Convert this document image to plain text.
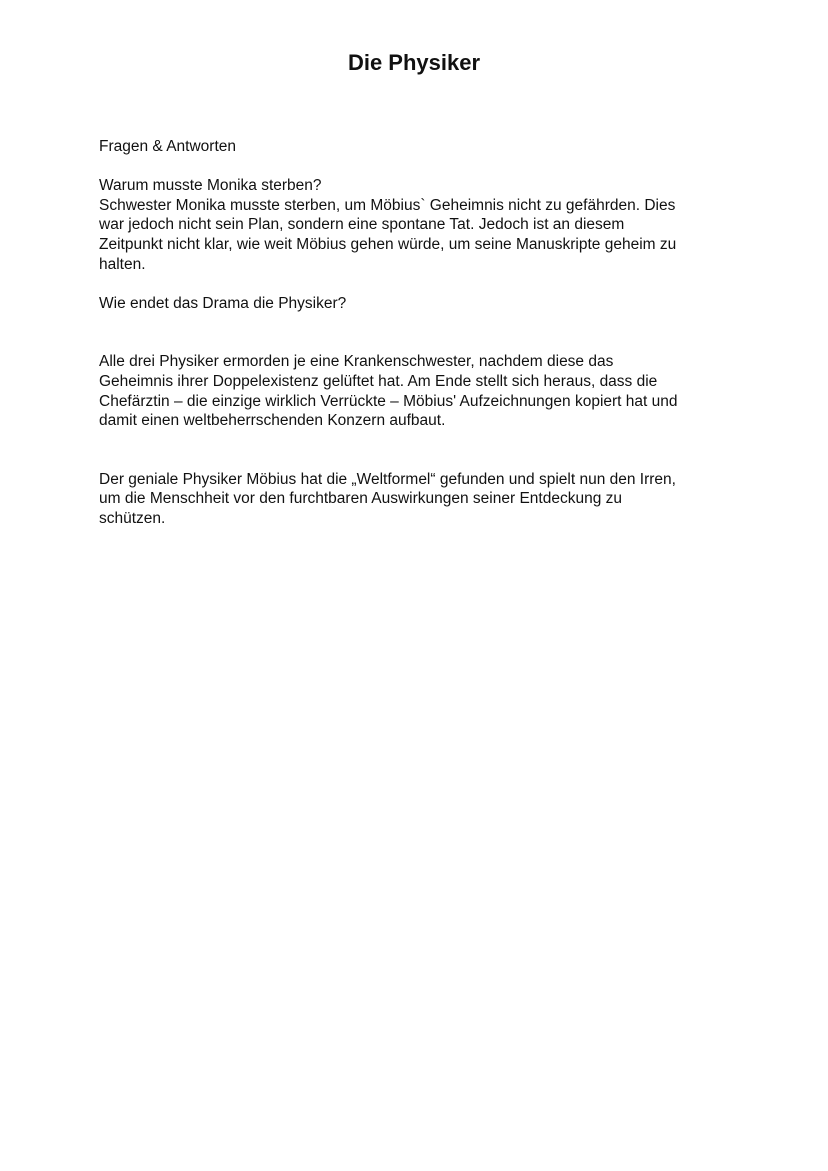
Die Physiker

Fragen & Antworten

Warum musste Monika sterben?

Schwester Monika musste sterben, um Möbius` Geheimnis nicht zu gefährden. Dies
war jedoch nicht sein Plan, sondern eine spontane Tat. Jedoch ist an diesem
Zeitpunkt nicht klar, wie weit Möbius gehen würde, um seine Manuskripte geheim zu
halten.

Wie endet das Drama die Physiker?

Alle drei Physiker ermorden je eine Krankenschwester, nachdem diese das
Geheimnis ihrer Doppelexistenz gelüftet hat. Am Ende stellt sich heraus, dass die
Chefärztin – die einzige wirklich Verrückte – Möbius' Aufzeichnungen kopiert hat und
damit einen weltbeherrschenden Konzern aufbaut.

Der geniale Physiker Möbius hat die „Weltformel“ gefunden und spielt nun den Irren,
um die Menschheit vor den furchtbaren Auswirkungen seiner Entdeckung zu
schützen.
